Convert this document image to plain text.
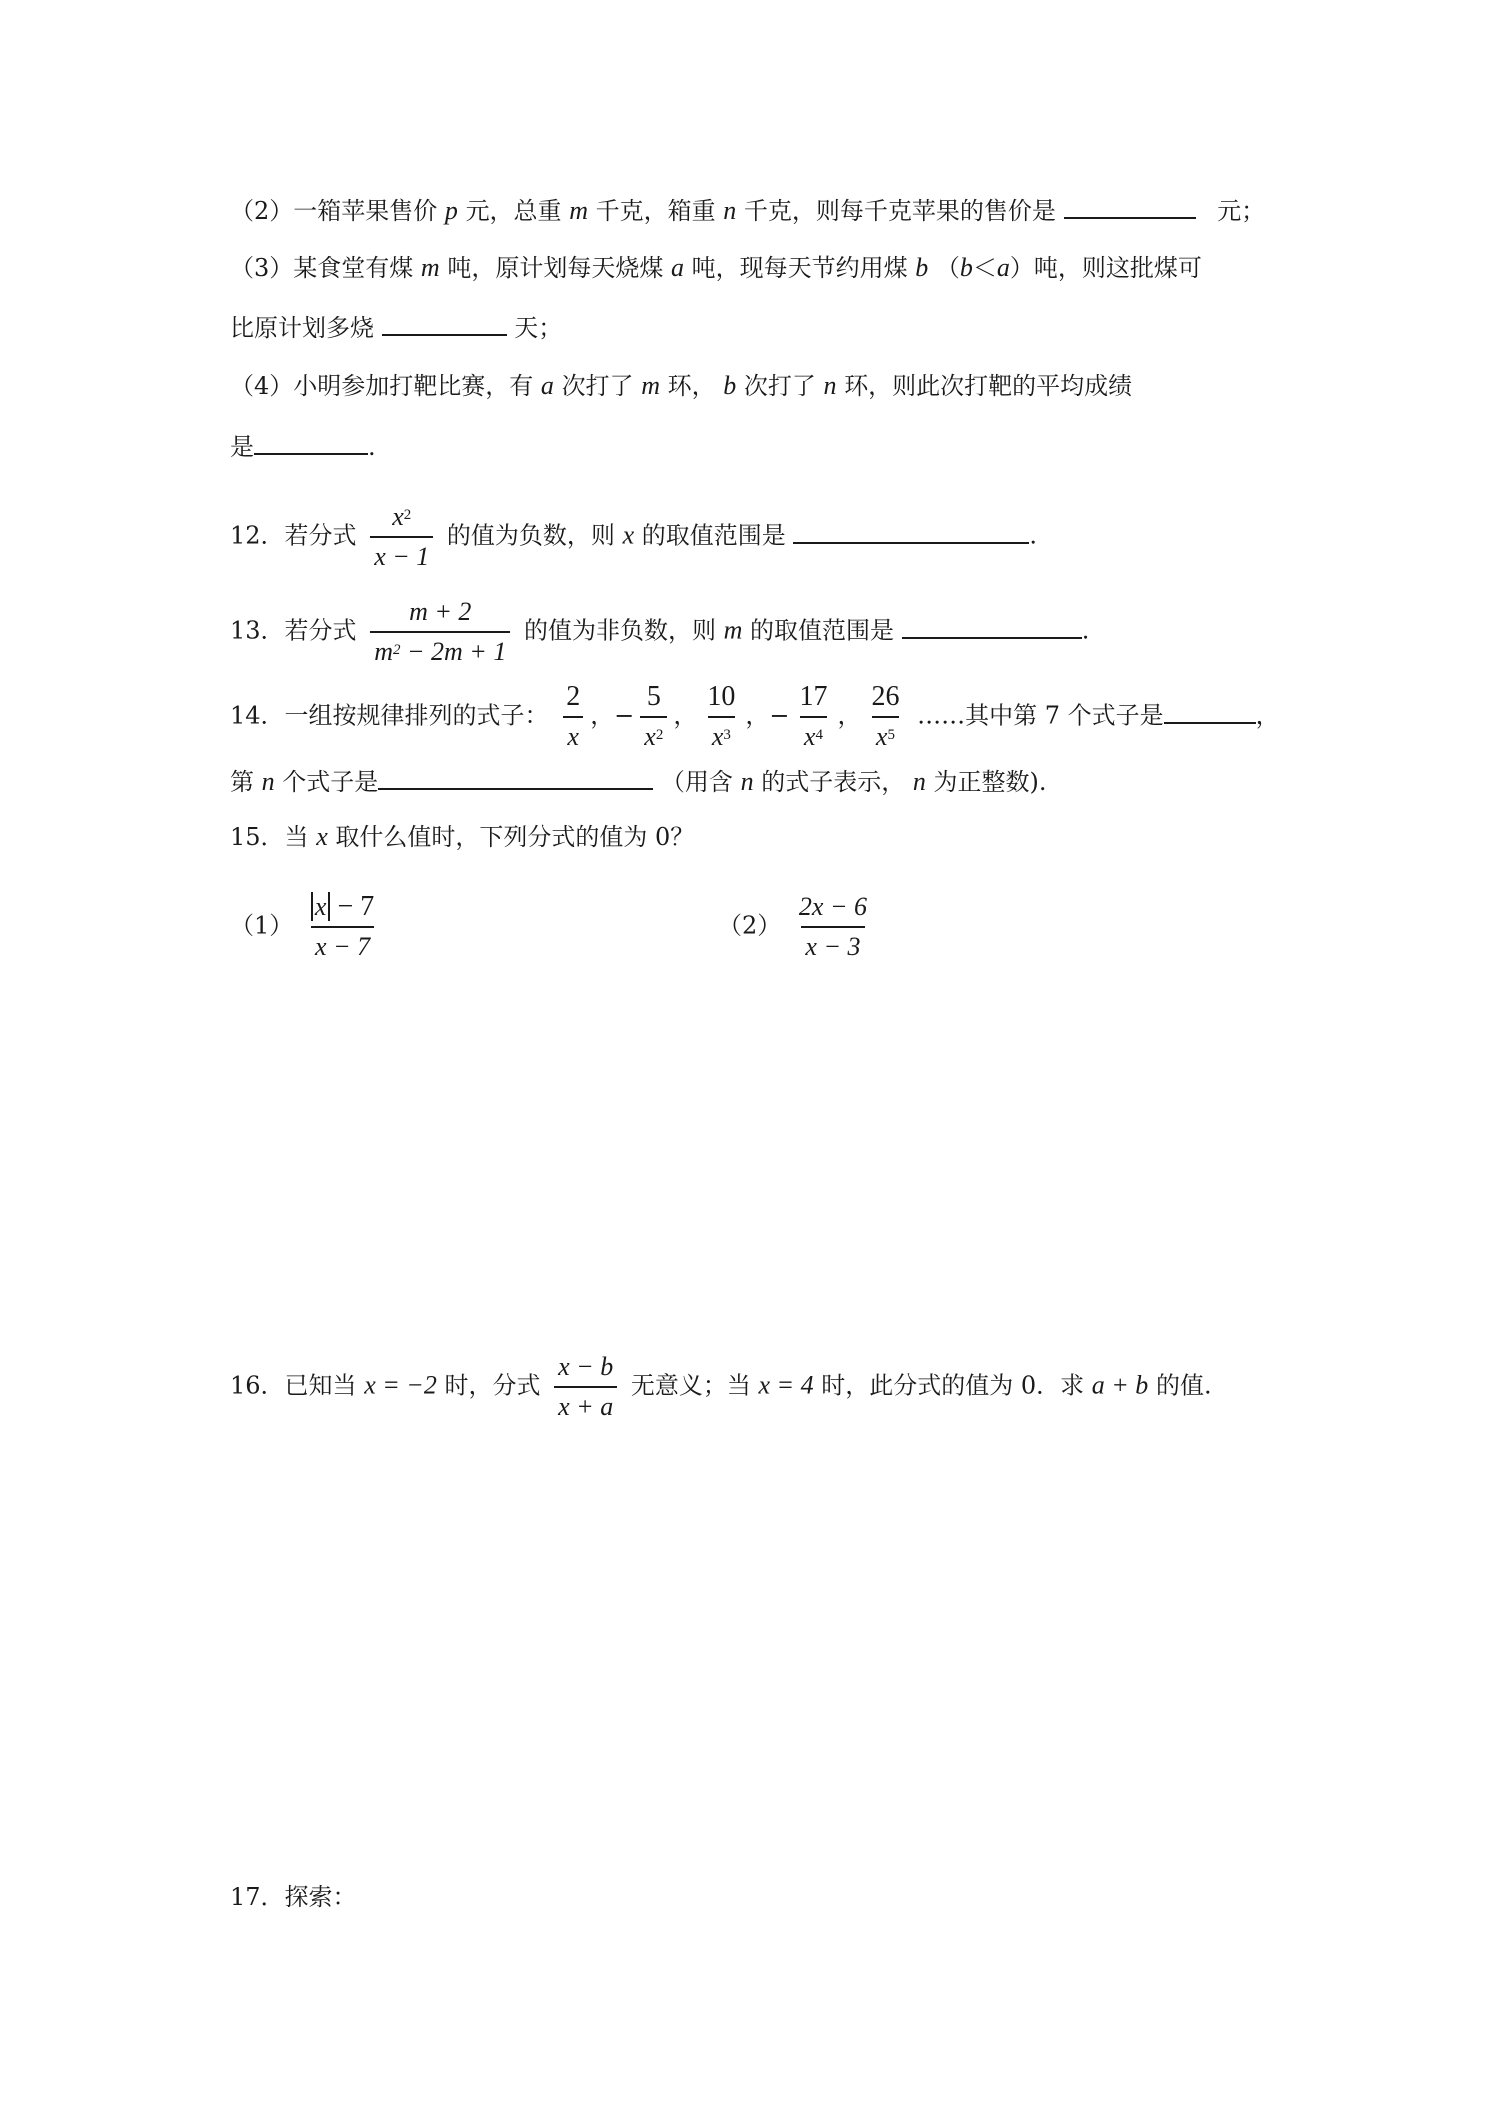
（2）一箱苹果售价 p 元，总重 m 千克，箱重 n 千克，则每千克苹果的售价是	元；
（3）某食堂有煤 m 吨，原计划每天烧煤 a 吨，现每天节约用煤 b （b＜a）吨，则这批煤可
比原计划多烧	天；
（4）小明参加打靶比赛，有 a 次打了 m 环， b 次打了 n 环，则此次打靶的平均成绩
是	.
12．若分式 $\frac{x^2}{x - 1}$ 的值为负数，则 x 的取值范围是	.
13．若分式 $\frac{m + 2}{m^2 - 2m + 1}$ 的值为非负数，则 m 的取值范围是	.
14．一组按规律排列的式子： $\frac{2}{x}$ ，− $\frac{5}{x^2}$ ， $\frac{10}{x^3}$ ，− $\frac{17}{x^4}$ ， $\frac{26}{x^5}$ ……其中第 7 个式子是	，
第 n 个式子是	（用含 n 的式子表示， n 为正整数).
15．当 x 取什么值时，下列分式的值为 0？
$(1) \frac{x - 7}{x - 7}$	$(2) \frac{2x - 6}{x - 3}$
16．已知当 x = −2 时，分式 $\frac{x - b}{x + a}$ 无意义；当 x = 4 时，此分式的值为 0．求 a + b 的值.
17．探索：
